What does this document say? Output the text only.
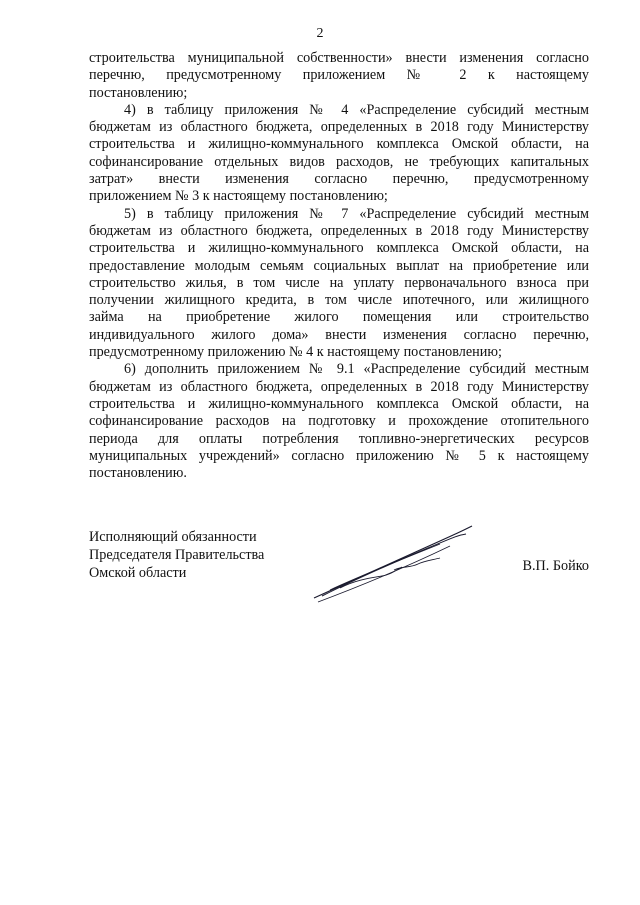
2
строительства муниципальной собственности» внести изменения согласно
перечню, предусмотренному приложением № 2 к настоящему
постановлению;
4) в таблицу приложения № 4 «Распределение субсидий местным
бюджетам из областного бюджета, определенных в 2018 году Министерству
строительства и жилищно-коммунального комплекса Омской области, на
софинансирование отдельных видов расходов, не требующих капитальных
затрат» внести изменения согласно перечню, предусмотренному
приложением № 3 к настоящему постановлению;
5) в таблицу приложения № 7 «Распределение субсидий местным
бюджетам из областного бюджета, определенных в 2018 году Министерству
строительства и жилищно-коммунального комплекса Омской области, на
предоставление молодым семьям социальных выплат на приобретение или
строительство жилья, в том числе на уплату первоначального взноса при
получении жилищного кредита, в том числе ипотечного, или жилищного
займа на приобретение жилого помещения или строительство
индивидуального жилого дома» внести изменения согласно перечню,
предусмотренному приложению № 4 к настоящему постановлению;
6) дополнить приложением № 9.1 «Распределение субсидий местным
бюджетам из областного бюджета, определенных в 2018 году Министерству
строительства и жилищно-коммунального комплекса Омской области, на
софинансирование расходов на подготовку и прохождение отопительного
периода для оплаты потребления топливно-энергетических ресурсов
муниципальных учреждений» согласно приложению № 5 к настоящему
постановлению.
Исполняющий обязанности
Председателя Правительства
Омской области	В.П. Бойко
